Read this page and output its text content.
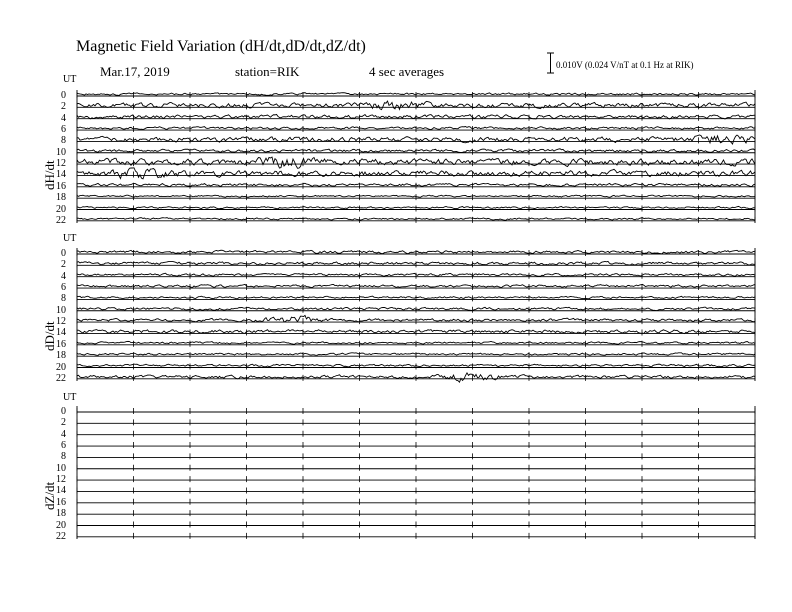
Magnetic Field Variation (dH/dt,dD/dt,dZ/dt)
Mar.17, 2019	station=RIK	4 sec averages	0.010V (0.024 V/nT at 0.1 Hz at RIK)
UT
dH/dt
0
2
4
6
8
10
12
14
16
18
20
22
UT
dD/dt
0
2
4
6
8
10
12
14
16
18
20
22
UT
dZ/dt
0
2
4
6
8
10
12
14
16
18
20
22
